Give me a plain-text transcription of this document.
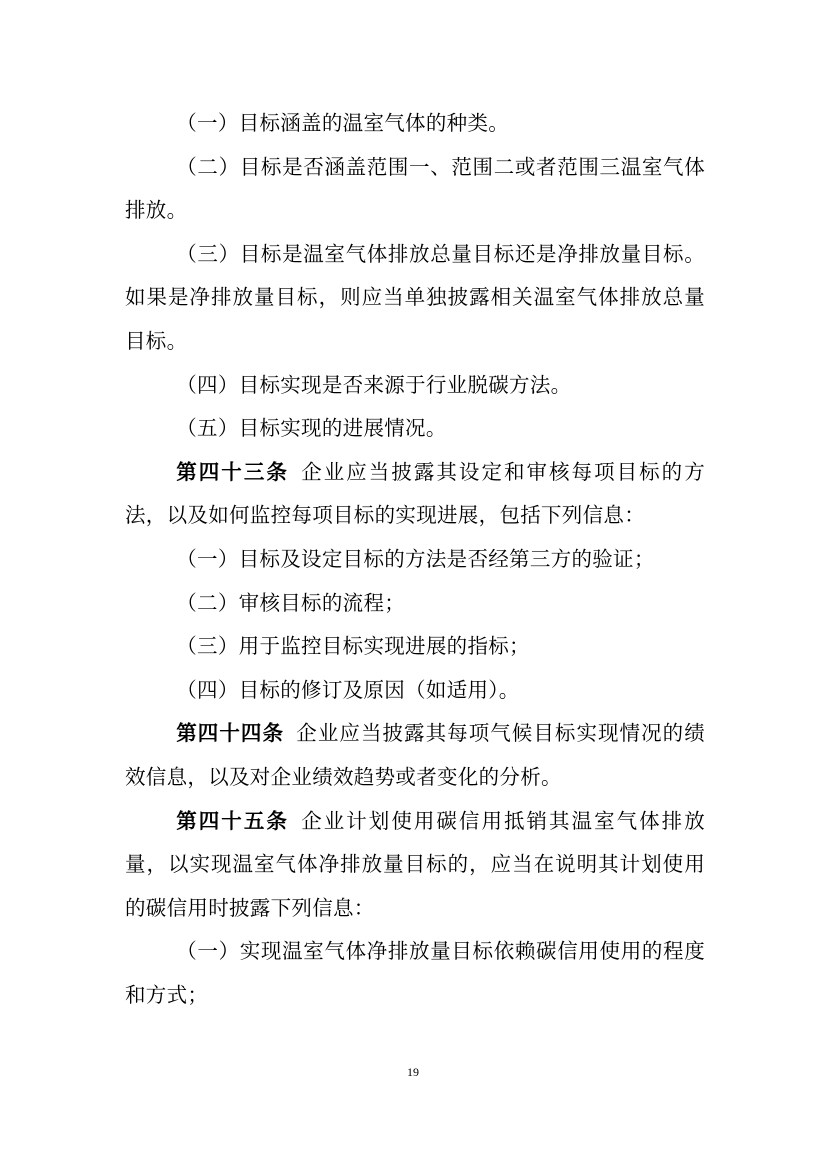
（一）目标涵盖的温室气体的种类。

（二）目标是否涵盖范围一、范围二或者范围三温室气体排放。

（三）目标是温室气体排放总量目标还是净排放量目标。如果是净排放量目标，则应当单独披露相关温室气体排放总量目标。

（四）目标实现是否来源于行业脱碳方法。

（五）目标实现的进展情况。

第四十三条 企业应当披露其设定和审核每项目标的方法，以及如何监控每项目标的实现进展，包括下列信息：

（一）目标及设定目标的方法是否经第三方的验证；

（二）审核目标的流程；

（三）用于监控目标实现进展的指标；

（四）目标的修订及原因（如适用）。

第四十四条 企业应当披露其每项气候目标实现情况的绩效信息，以及对企业绩效趋势或者变化的分析。

第四十五条 企业计划使用碳信用抵销其温室气体排放量，以实现温室气体净排放量目标的，应当在说明其计划使用的碳信用时披露下列信息：

（一）实现温室气体净排放量目标依赖碳信用使用的程度和方式；

19
